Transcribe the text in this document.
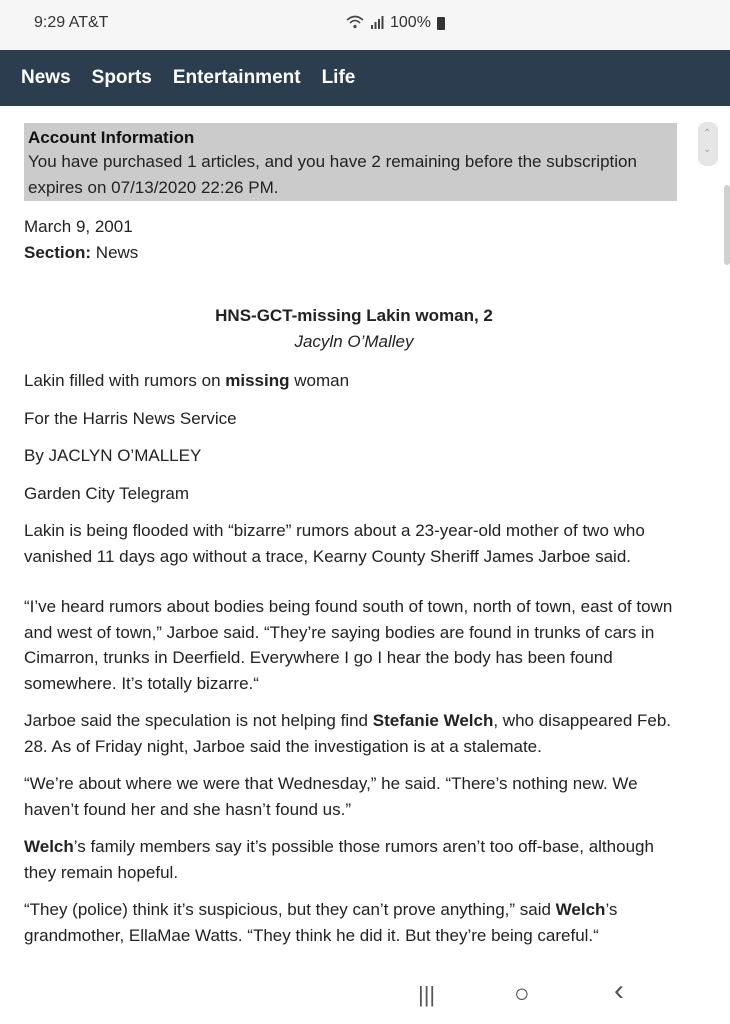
9:29 AT&T	100%
News Sports Entertainment Life
⌃
⌄
Account Information
You have purchased 1 articles, and you have 2 remaining before the subscription expires on 07/13/2020 22:26 PM.
March 9, 2001
Section: News
HNS-GCT-missing Lakin woman, 2
Jacyln O’Malley

Lakin filled with rumors on missing woman

For the Harris News Service

By JACLYN O’MALLEY

Garden City Telegram

Lakin is being flooded with “bizarre” rumors about a 23-year-old mother of two who vanished 11 days ago without a trace, Kearny County Sheriff James Jarboe said.

“I’ve heard rumors about bodies being found south of town, north of town, east of town and west of town,” Jarboe said. “They’re saying bodies are found in trunks of cars in Cimarron, trunks in Deerfield. Everywhere I go I hear the body has been found somewhere. It’s totally bizarre.“

Jarboe said the speculation is not helping find Stefanie Welch, who disappeared Feb. 28. As of Friday night, Jarboe said the investigation is at a stalemate.

“We’re about where we were that Wednesday,” he said. “There’s nothing new. We haven’t found her and she hasn’t found us.”

Welch’s family members say it’s possible those rumors aren’t too off-base, although they remain hopeful.

“They (police) think it’s suspicious, but they can’t prove anything,” said Welch’s grandmother, EllaMae Watts. “They think he did it. But they’re being careful.“

|||	○	‹
